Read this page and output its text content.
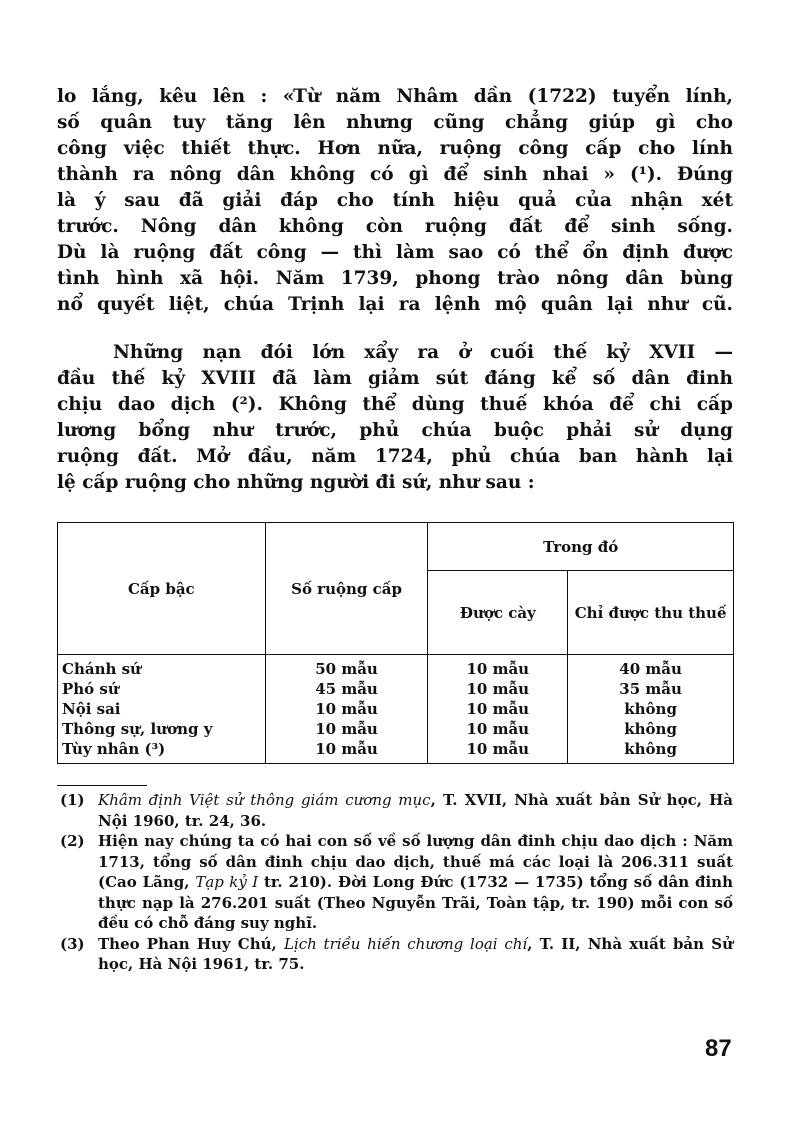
lo lắng, kêu lên : «Từ năm Nhâm dần (1722) tuyển lính,
số quân tuy tăng lên nhưng cũng chẳng giúp gì cho
công việc thiết thực. Hơn nữa, ruộng công cấp cho lính
thành ra nông dân không có gì để sinh nhai » (¹). Đúng
là ý sau đã giải đáp cho tính hiệu quả của nhận xét
trước. Nông dân không còn ruộng đất để sinh sống.
Dù là ruộng đất công — thì làm sao có thể ổn định được
tình hình xã hội. Năm 1739, phong trào nông dân bùng
nổ quyết liệt, chúa Trịnh lại ra lệnh mộ quân lại như cũ.
Những nạn đói lớn xẩy ra ở cuối thế kỷ XVII —
đầu thế kỷ XVIII đã làm giảm sút đáng kể số dân đinh
chịu dao dịch (²). Không thể dùng thuế khóa để chi cấp
lương bổng như trước, phủ chúa buộc phải sử dụng
ruộng đất. Mở đầu, năm 1724, phủ chúa ban hành lại
lệ cấp ruộng cho những người đi sứ, như sau :
Cấp bậc	Số ruộng cấp	Trong đó	
		Được cày	Chỉ được thu thuế
Chánh sứ	50 mẫu	10 mẫu	40 mẫu
Phó sứ	45 mẫu	10 mẫu	35 mẫu
Nội sai	10 mẫu	10 mẫu	không
Thông sự, lương y	10 mẫu	10 mẫu	không
Tùy nhân (³)	10 mẫu	10 mẫu	không
(1) Khâm định Việt sử thông giám cương mục, T. XVII, Nhà xuất bản Sử học, Hà Nội 1960, tr. 24, 36.
(2) Hiện nay chúng ta có hai con số về số lượng dân đinh chịu dao dịch : Năm 1713, tổng số dân đinh chịu dao dịch, thuế má các loại là 206.311 suất (Cao Lãng, Tạp kỷ I tr. 210). Đời Long Đức (1732 — 1735) tổng số dân đinh thực nạp là 276.201 suất (Theo Nguyễn Trãi, Toàn tập, tr. 190) mỗi con số đều có chỗ đáng suy nghĩ.
(3) Theo Phan Huy Chú, Lịch triều hiến chương loại chí, T. II, Nhà xuất bản Sử học, Hà Nội 1961, tr. 75.
87
